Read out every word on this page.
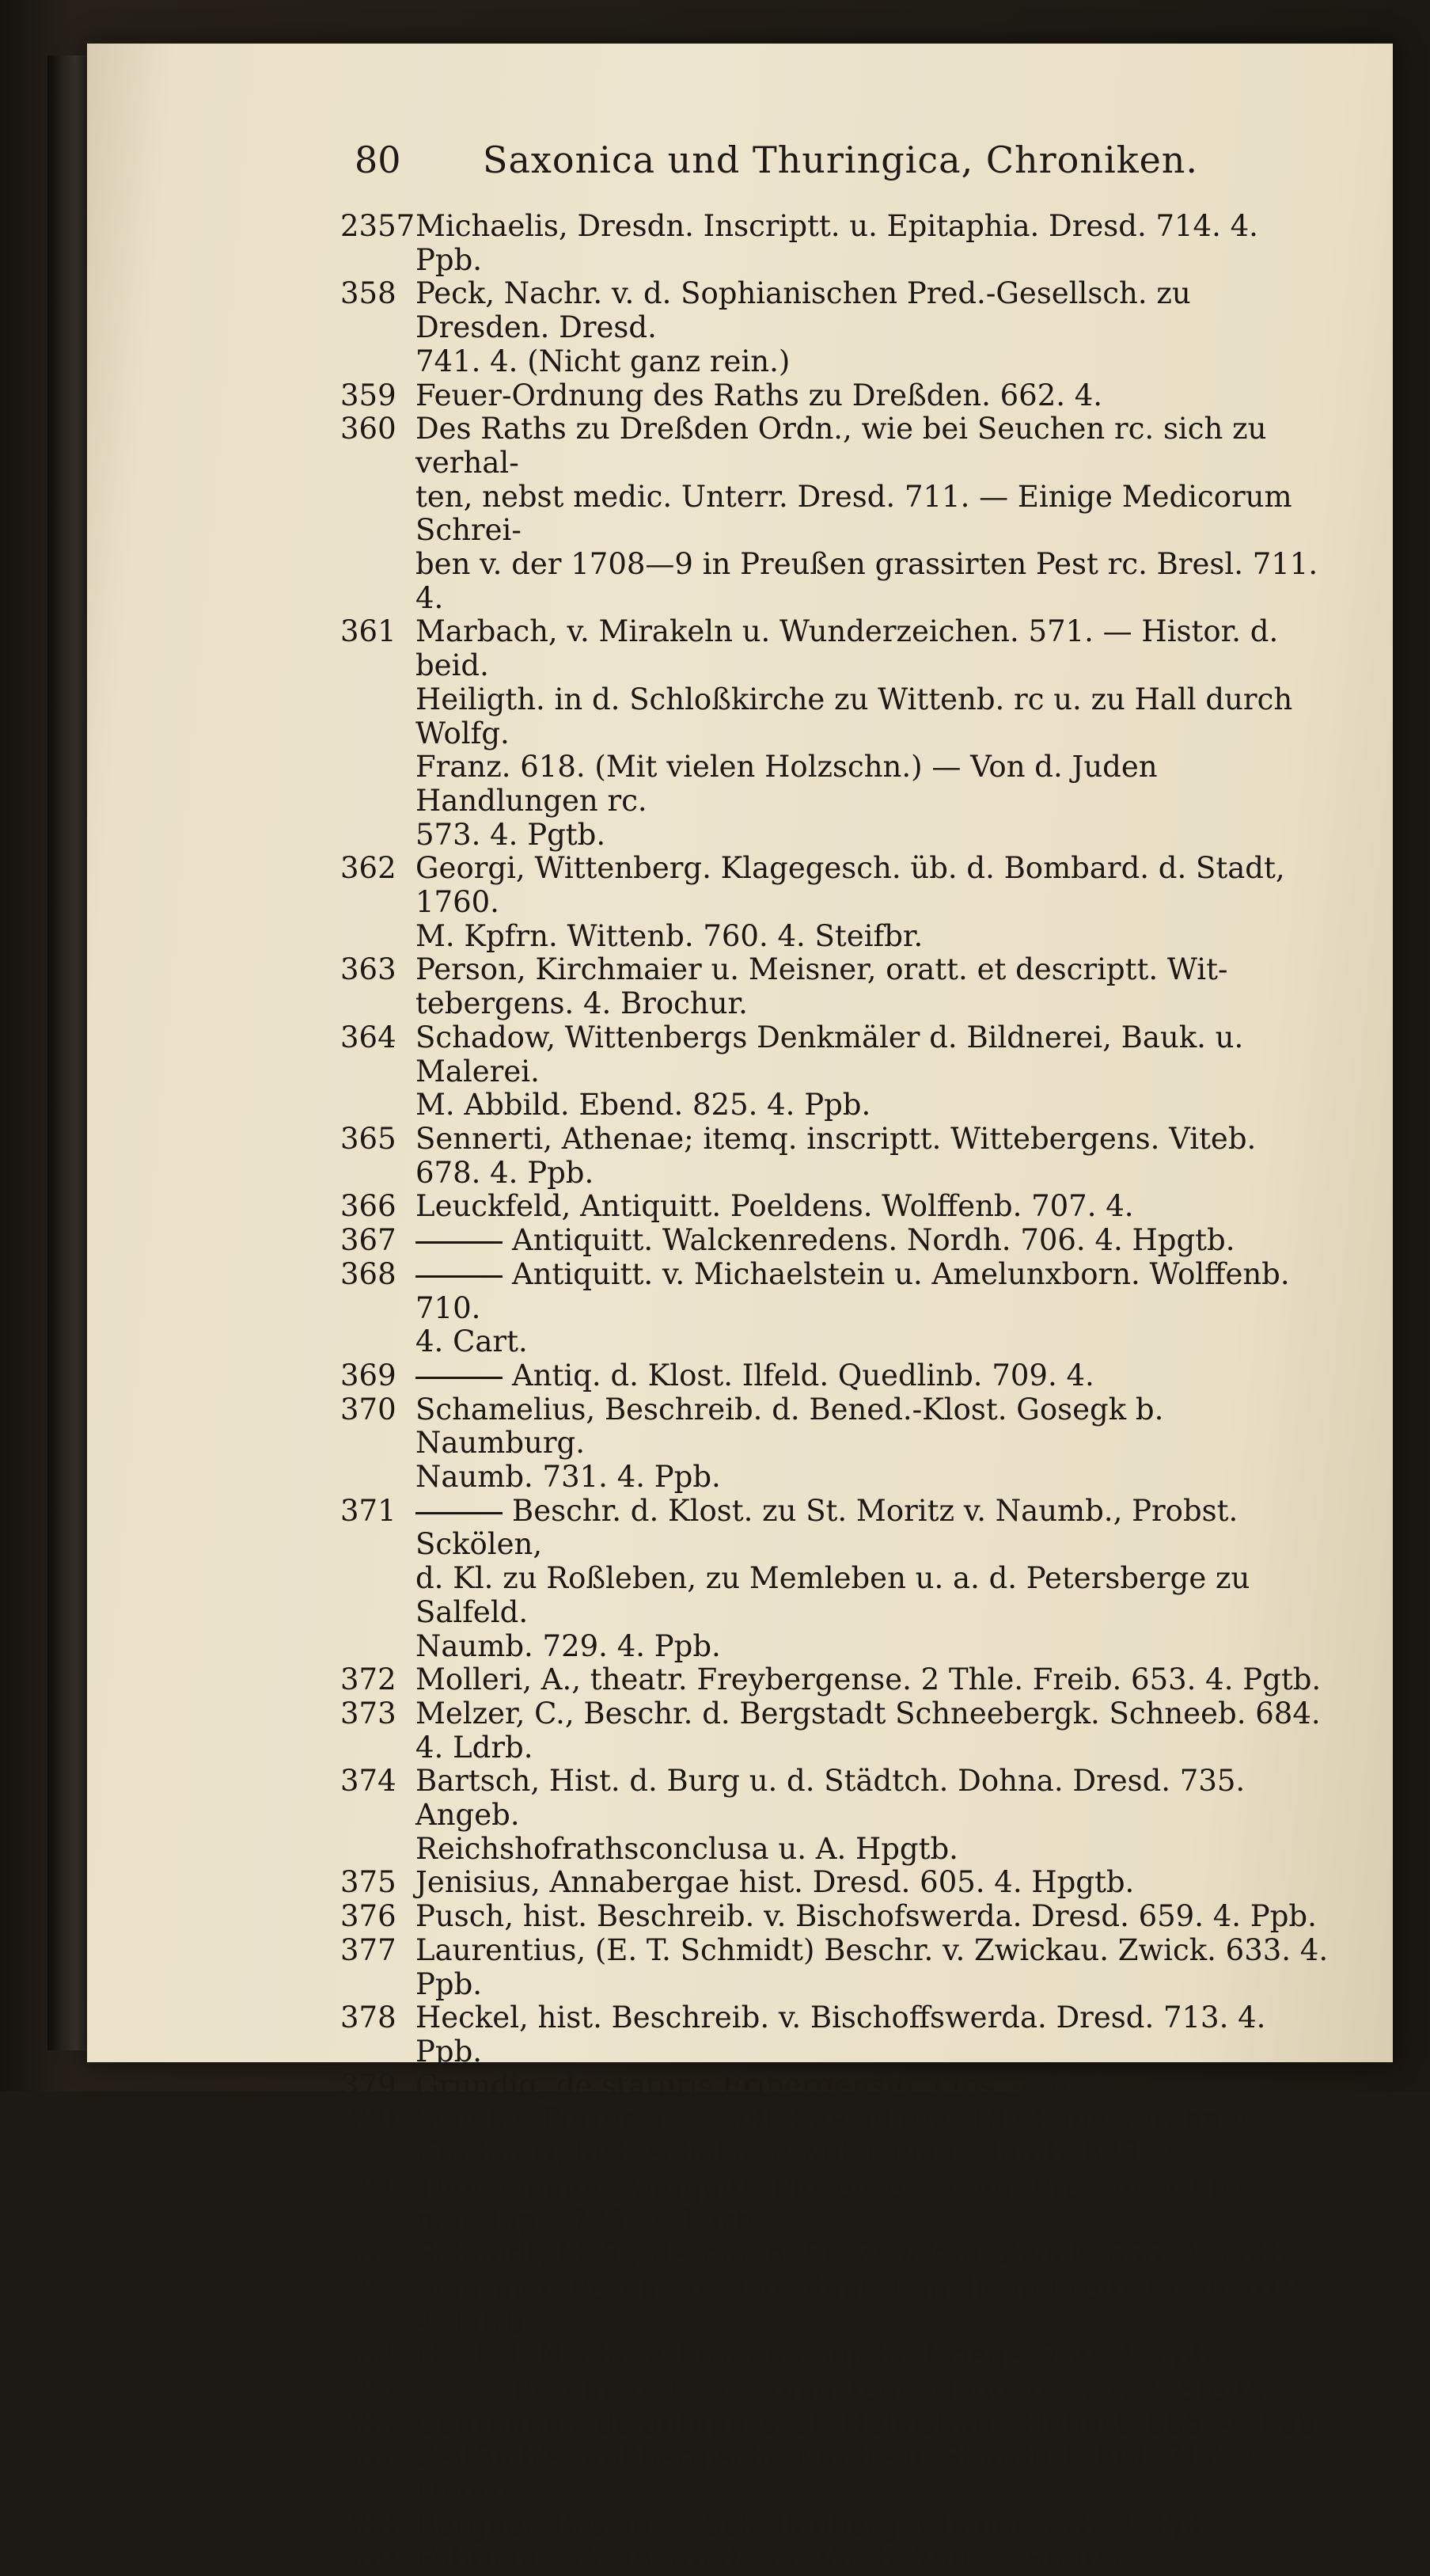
80	Saxonica und Thuringica, Chroniken.
2357 Michaelis, Dresdn. Inscriptt. u. Epitaphia. Dresd. 714. 4. Ppb.
358 Peck, Nachr. v. d. Sophianischen Pred.-Gesellsch. zu Dresden. Dresd.
741. 4. (Nicht ganz rein.)
359 Feuer-Ordnung des Raths zu Dreßden. 662. 4.
360 Des Raths zu Dreßden Ordn., wie bei Seuchen rc. sich zu verhal-
ten, nebst medic. Unterr. Dresd. 711. — Einige Medicorum Schrei-
ben v. der 1708—9 in Preußen grassirten Pest rc. Bresl. 711. 4.
361 Marbach, v. Mirakeln u. Wunderzeichen. 571. — Histor. d. beid.
Heiligth. in d. Schloßkirche zu Wittenb. rc u. zu Hall durch Wolfg.
Franz. 618. (Mit vielen Holzschn.) — Von d. Juden Handlungen rc.
573. 4. Pgtb.
362 Georgi, Wittenberg. Klagegesch. üb. d. Bombard. d. Stadt, 1760.
M. Kpfrn. Wittenb. 760. 4. Steifbr.
363 Person, Kirchmaier u. Meisner, oratt. et descriptt. Wit-
tebergens. 4. Brochur.
364 Schadow, Wittenbergs Denkmäler d. Bildnerei, Bauk. u. Malerei.
M. Abbild. Ebend. 825. 4. Ppb.
365 Sennerti, Athenae; itemq. inscriptt. Wittebergens. Viteb.
678. 4. Ppb.
366 Leuckfeld, Antiquitt. Poeldens. Wolffenb. 707. 4.
367	Antiquitt. Walckenredens. Nordh. 706. 4. Hpgtb.
368	Antiquitt. v. Michaelstein u. Amelunxborn. Wolffenb. 710.
4. Cart.
369	Antiq. d. Klost. Ilfeld. Quedlinb. 709. 4.
370 Schamelius, Beschreib. d. Bened.-Klost. Gosegk b. Naumburg.
Naumb. 731. 4. Ppb.
371	Beschr. d. Klost. zu St. Moritz v. Naumb., Probst. Sckölen,
d. Kl. zu Roßleben, zu Memleben u. a. d. Petersberge zu Salfeld.
Naumb. 729. 4. Ppb.
372 Molleri, A., theatr. Freybergense. 2 Thle. Freib. 653. 4. Pgtb.
373 Melzer, C., Beschr. d. Bergstadt Schneebergk. Schneeb. 684. 4. Ldrb.
374 Bartsch, Hist. d. Burg u. d. Städtch. Dohna. Dresd. 735. Angeb.
Reichshofrathsconclusa u. A. Hpgtb.
375 Jenisius, Annabergae hist. Dresd. 605. 4. Hpgtb.
376 Pusch, hist. Beschreib. v. Bischofswerda. Dresd. 659. 4. Ppb.
377 Laurentius, (E. T. Schmidt) Beschr. v. Zwickau. Zwick. 633. 4. Ppb.
378 Heckel, hist. Beschreib. v. Bischoffswerda. Dresd. 713. 4. Ppb.
379 Grundig, de statutis Fribergensib. Lips. 766. 4.
380 Scholae Portensis s. soll. Saecularia, 1843, inv. Kirchner. —
Kirchneri, hist. scholae P. Mit 1 Plan. Numb. 843. 4.
381 Thorschmidt, Antiquitt. Plocenses et adi. Prezzin et Elbe-
nau. Lips. 725. 4. Ldrb.
382 Schmidt, M. T., Beschr. d. St. Zwickau. Zwick. 656. 4. Pgtb.
383 Schirmer, Beschr. d. Begräbniß-Kapelle in Freib. Freib. 619. 4. Ldrb.
384 Heckel, Nachr. v. Pirna im 30jähr. Kriege. 739. 4. Ppb.
385	Beschr. d. Fest. Königstein. Magdeb. 737. 4. Steifbr.
386 Conringius, de antiquiss. st. Helmstadii. Helmst. 665. 4. Ppb.
387 Zeitfuch's Stollbergische Kirch.- u. Stadthist. Eßl. 717. 4. Hpgtb.
388 Bergner, Beschr. v. Schellenberg. Chemn. 778. 4. Ppb.
389 Fabricius, Freibergi descr. Viteb. 750. 4. Steifbr.
